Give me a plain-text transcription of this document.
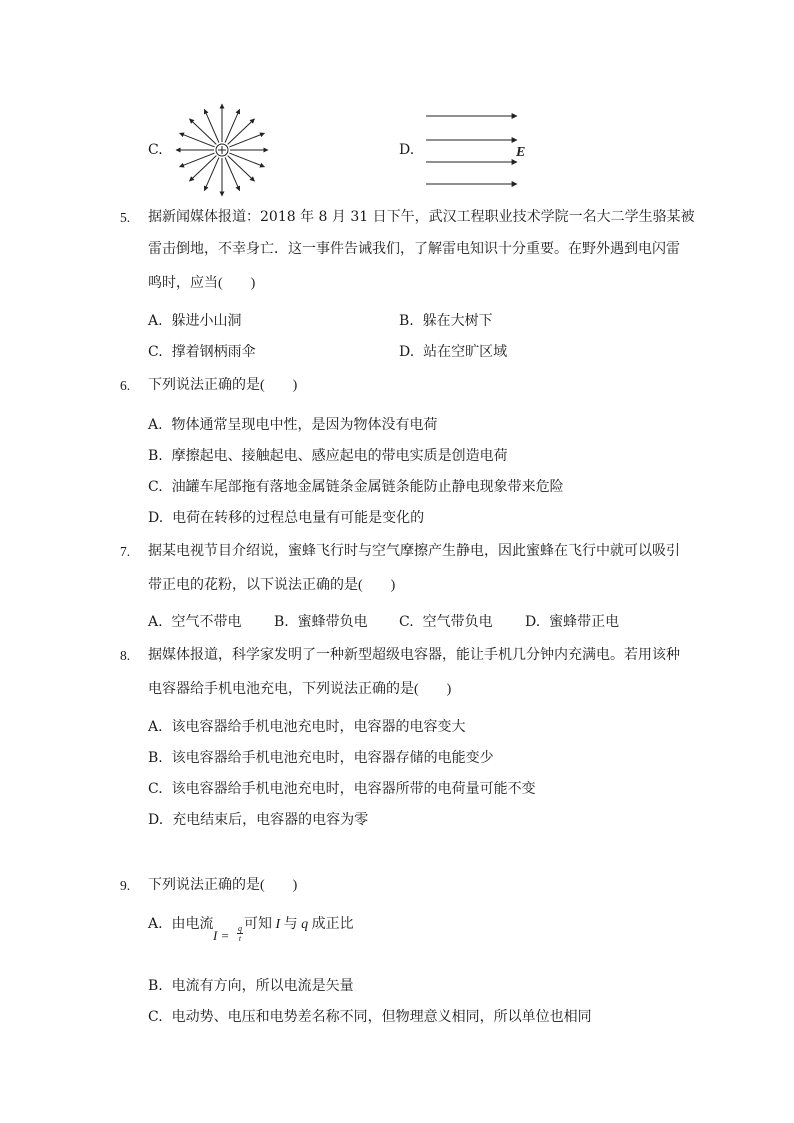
C.	D.	E
5. 据新闻媒体报道：2018 年 8 月 31 日下午，武汉工程职业技术学院一名大二学生骆某被
雷击倒地，不幸身亡．这一事件告诫我们，了解雷电知识十分重要。在野外遇到电闪雷
鸣时，应当(　　)
A. 躲进小山洞	B. 躲在大树下
C. 撑着钢柄雨伞	D. 站在空旷区域
6. 下列说法正确的是(　　)
A. 物体通常呈现电中性，是因为物体没有电荷
B. 摩擦起电、接触起电、感应起电的带电实质是创造电荷
C. 油罐车尾部拖有落地金属链条金属链条能防止静电现象带来危险
D. 电荷在转移的过程总电量有可能是变化的
7. 据某电视节目介绍说，蜜蜂飞行时与空气摩擦产生静电，因此蜜蜂在飞行中就可以吸引
带正电的花粉，以下说法正确的是(　　)
A. 空气不带电 B. 蜜蜂带负电 C. 空气带负电 D. 蜜蜂带正电
8. 据媒体报道，科学家发明了一种新型超级电容器，能让手机几分钟内充满电。若用该种
电容器给手机电池充电，下列说法正确的是(　　)
A. 该电容器给手机电池充电时，电容器的电容变大
B. 该电容器给手机电池充电时，电容器存储的电能变少
C. 该电容器给手机电池充电时，电容器所带的电荷量可能不变
D. 充电结束后，电容器的电容为零
9. 下列说法正确的是(　　)
A. 由电流
I = q
t
可知 I 与 q 成正比
B. 电流有方向，所以电流是矢量
C. 电动势、电压和电势差名称不同，但物理意义相同，所以单位也相同
